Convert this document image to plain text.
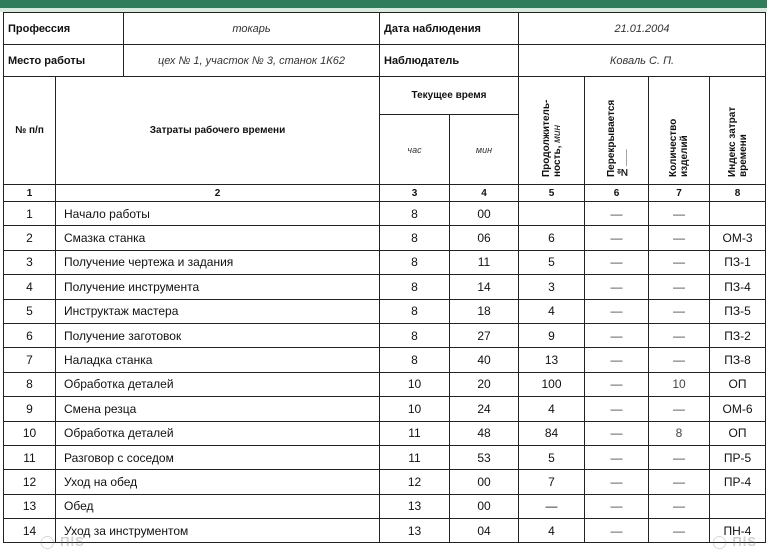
Профессия		токарь	Дата наблюдения		21.01.2004			
Место работы		цех № 1, участок № 3, станок 1К62	Наблюдатель		Коваль С. П.			
№ п/п	Затраты рабочего времени		Текущее время		Продолжитель-ность, мин	Перекрывается №___	Количество изделий	Индекс затрат времени

			час	мин				
1	2		3	4	5	6	7	8
1	Начало работы		8	00		—	—	
2	Смазка станка		8	06	6	—	—	ОМ-3
3	Получение чертежа и задания		8	11	5	—	—	ПЗ-1
4	Получение инструмента		8	14	3	—	—	ПЗ-4
5	Инструктаж мастера		8	18	4	—	—	ПЗ-5
6	Получение заготовок		8	27	9	—	—	ПЗ-2
7	Наладка станка		8	40	13	—	—	ПЗ-8
8	Обработка деталей		10	20	100	—	10	ОП
9	Смена резца		10	24	4	—	—	ОМ-6
10	Обработка деталей		11	48	84	—	8	ОП
11	Разговор с соседом		11	53	5	—	—	ПР-5
12	Уход на обед		12	00	7	—	—	ПР-4
13	Обед		13	00	—	—	—	
14	Уход за инструментом		13	04	4	—	—	ПН-4
◯ ΠlS	◯ ΠlS
